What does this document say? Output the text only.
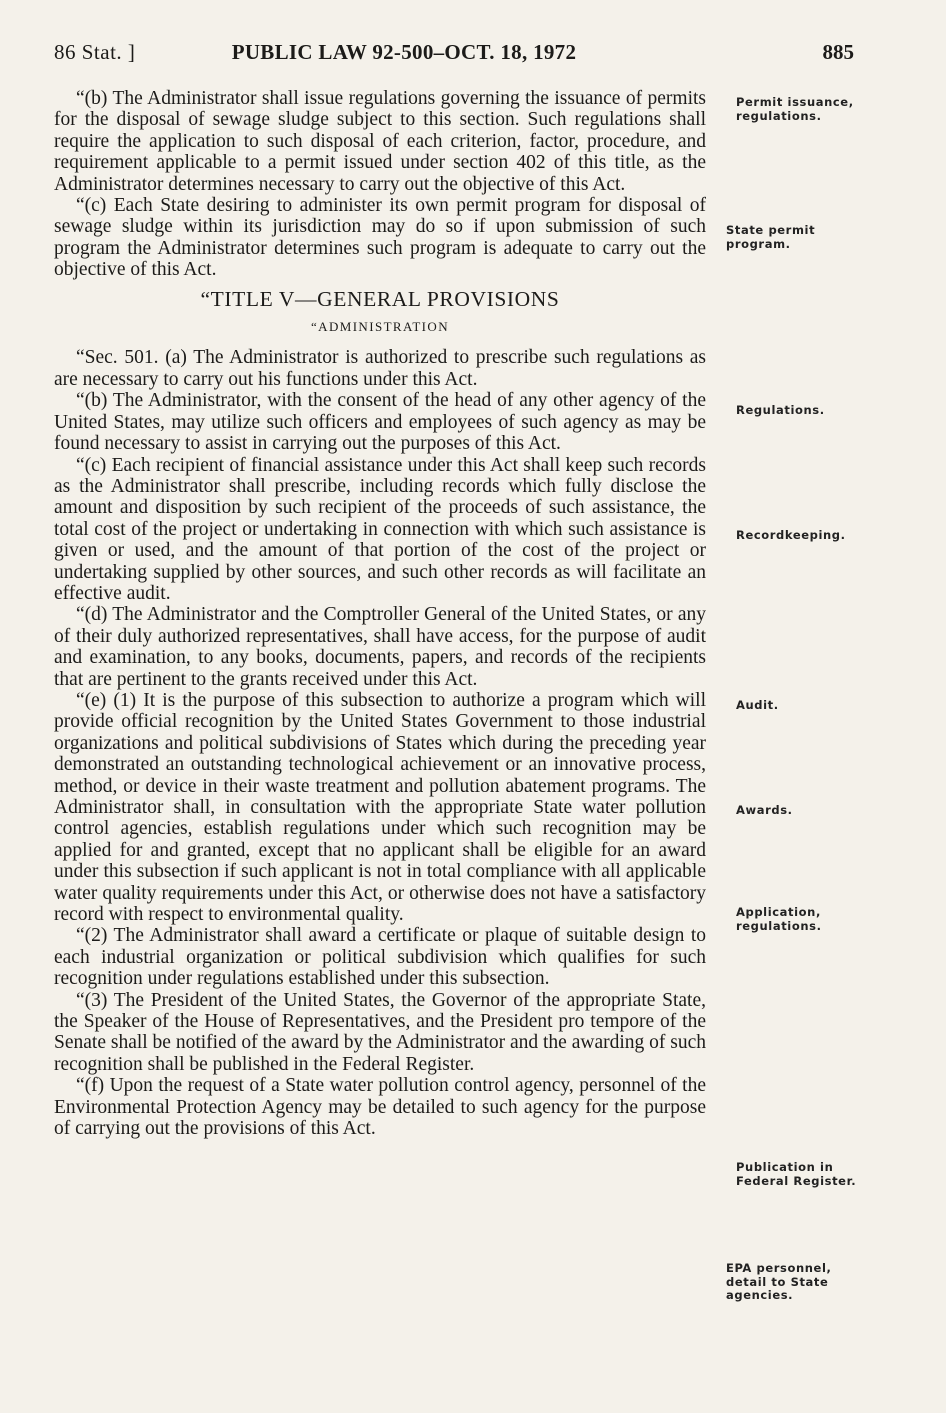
86 Stat. ]	PUBLIC LAW 92-500–OCT. 18, 1972	885

“(b) The Administrator shall issue regulations governing the issuance of permits for the disposal of sewage sludge subject to this section. Such regulations shall require the application to such disposal of each criterion, factor, procedure, and requirement applicable to a permit issued under section 402 of this title, as the Administrator determines necessary to carry out the objective of this Act.

“(c) Each State desiring to administer its own permit program for disposal of sewage sludge within its jurisdiction may do so if upon submission of such program the Administrator determines such program is adequate to carry out the objective of this Act.

“TITLE V—GENERAL PROVISIONS

“ADMINISTRATION

“Sec. 501. (a) The Administrator is authorized to prescribe such regulations as are necessary to carry out his functions under this Act.

“(b) The Administrator, with the consent of the head of any other agency of the United States, may utilize such officers and employees of such agency as may be found necessary to assist in carrying out the purposes of this Act.

“(c) Each recipient of financial assistance under this Act shall keep such records as the Administrator shall prescribe, including records which fully disclose the amount and disposition by such recipient of the proceeds of such assistance, the total cost of the project or undertaking in connection with which such assistance is given or used, and the amount of that portion of the cost of the project or undertaking supplied by other sources, and such other records as will facilitate an effective audit.

“(d) The Administrator and the Comptroller General of the United States, or any of their duly authorized representatives, shall have access, for the purpose of audit and examination, to any books, documents, papers, and records of the recipients that are pertinent to the grants received under this Act.

“(e) (1) It is the purpose of this subsection to authorize a program which will provide official recognition by the United States Government to those industrial organizations and political subdivisions of States which during the preceding year demonstrated an outstanding technological achievement or an innovative process, method, or device in their waste treatment and pollution abatement programs. The Administrator shall, in consultation with the appropriate State water pollution control agencies, establish regulations under which such recognition may be applied for and granted, except that no applicant shall be eligible for an award under this subsection if such applicant is not in total compliance with all applicable water quality requirements under this Act, or otherwise does not have a satisfactory record with respect to environmental quality.

“(2) The Administrator shall award a certificate or plaque of suitable design to each industrial organization or political subdivision which qualifies for such recognition under regulations established under this subsection.

“(3) The President of the United States, the Governor of the appropriate State, the Speaker of the House of Representatives, and the President pro tempore of the Senate shall be notified of the award by the Administrator and the awarding of such recognition shall be published in the Federal Register.

“(f) Upon the request of a State water pollution control agency, personnel of the Environmental Protection Agency may be detailed to such agency for the purpose of carrying out the provisions of this Act.

Permit issuance, regulations.
State permit program.
Regulations.
Recordkeeping.
Audit.
Awards.
Application, regulations.
Publication in Federal Register.
EPA personnel, detail to State agencies.
